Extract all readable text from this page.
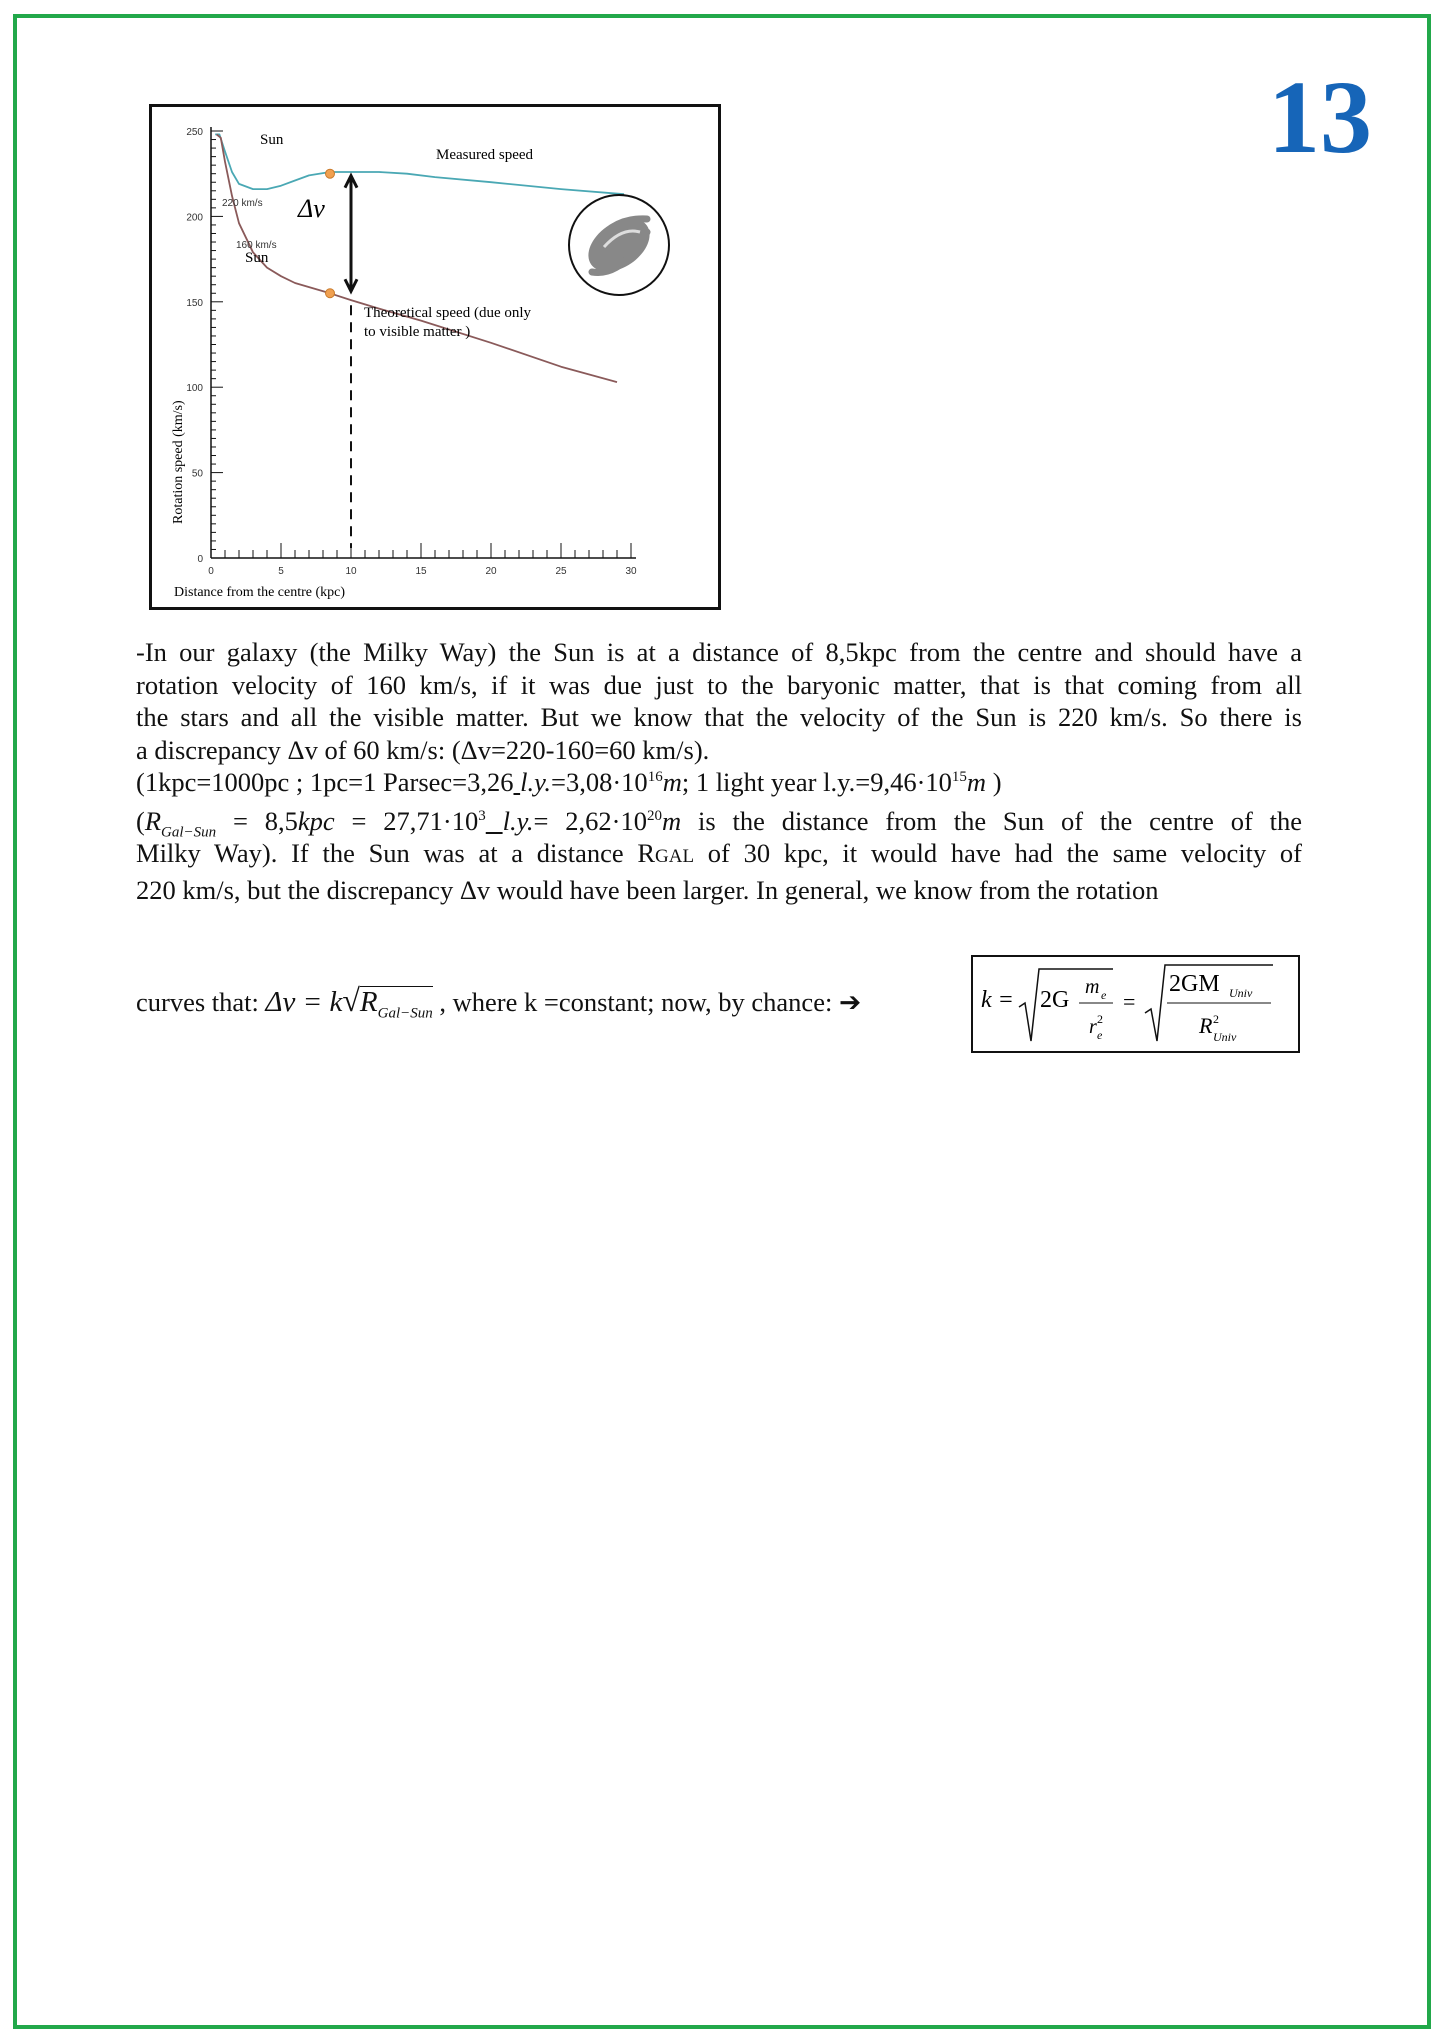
13
0	5	10	15	20	25	30
0
50
100
150
200
250	Sun
Sun
220 km/s
160 km/s
Δv
Measured speed
Theoretical speed (due only
to visible matter )
Distance from the centre (kpc)
Rotation speed (km/s)
-In our galaxy (the Milky Way) the Sun is at a distance of 8,5kpc from the centre and should have a
rotation velocity of 160 km/s, if it was due just to the baryonic matter, that is that coming from all
the stars and all the visible matter. But we know that the velocity of the Sun is 220 km/s. So there is
a discrepancy Δv of 60 km/s: (Δv=220-160=60 km/s).
(1kpc=1000pc ; 1pc=1 Parsec=3,26 $l.y.=3,08\cdot 10^{16}m$; 1 light year $l.y.=9,46\cdot 10^{15}m$ )
($R_{Gal-Sun} = 8,5kpc = 27,71\cdot 10^3$ $l.y.= 2,62\cdot 10^{20}m$ is the distance from the Sun of the centre of the
Milky Way). If the Sun was at a distance RGAL of 30 kpc, it would have had the same velocity of
220 km/s, but the discrepancy Δv would have been larger. In general, we know from the rotation
curves that: $\Delta v = k√R_{Gal-Sun}$ , where k =constant; now, by chance: ➔	k = 2G m e
r 2
e
=
2GM Univ
R 2
Univ
